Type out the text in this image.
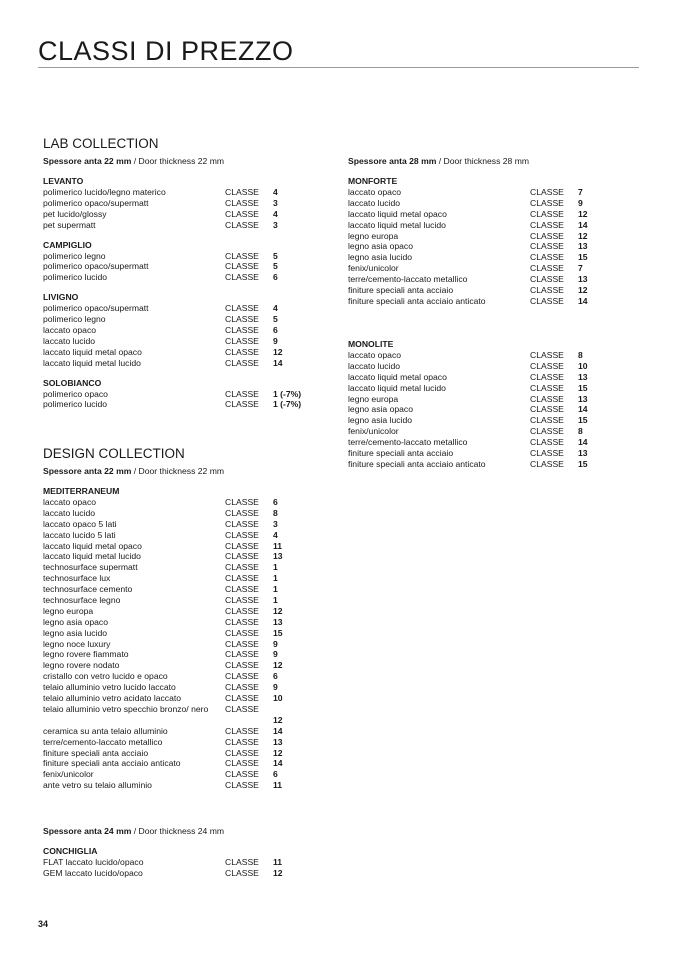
CLASSI DI PREZZO
LAB COLLECTION
Spessore anta 22 mm / Door thickness 22 mm
LEVANTO
polimerico lucido/legno materico	CLASSE 4
polimerico opaco/supermatt	CLASSE 3
pet lucido/glossy	CLASSE 4
pet supermatt	CLASSE 3
CAMPIGLIO
polimerico legno	CLASSE 5
polimerico opaco/supermatt	CLASSE 5
polimerico lucido	CLASSE 6
LIVIGNO
polimerico opaco/supermatt	CLASSE 4
polimerico legno	CLASSE 5
laccato opaco	CLASSE 6
laccato lucido	CLASSE 9
laccato liquid metal opaco	CLASSE 12
laccato liquid metal lucido	CLASSE 14
SOLOBIANCO
polimerico opaco	CLASSE 1 (-7%)
polimerico lucido	CLASSE 1 (-7%)
Spessore anta 28 mm / Door thickness 28 mm
MONFORTE
laccato opaco	CLASSE 7
laccato lucido	CLASSE 9
laccato liquid metal opaco	CLASSE 12
laccato liquid metal lucido	CLASSE 14
legno europa	CLASSE 12
legno asia opaco	CLASSE 13
legno asia lucido	CLASSE 15
fenix/unicolor	CLASSE 7
terre/cemento-laccato metallico	CLASSE 13
finiture speciali anta acciaio	CLASSE 12
finiture speciali anta acciaio anticato	CLASSE 14
MONOLITE
laccato opaco	CLASSE 8
laccato lucido	CLASSE 10
laccato liquid metal opaco	CLASSE 13
laccato liquid metal lucido	CLASSE 15
legno europa	CLASSE 13
legno asia opaco	CLASSE 14
legno asia lucido	CLASSE 15
fenix/unicolor	CLASSE 8
terre/cemento-laccato metallico	CLASSE 14
finiture speciali anta acciaio	CLASSE 13
finiture speciali anta acciaio anticato	CLASSE 15
DESIGN COLLECTION
Spessore anta 22 mm / Door thickness 22 mm
MEDITERRANEUM
laccato opaco	CLASSE 6
laccato lucido	CLASSE 8
laccato opaco 5 lati	CLASSE 3
laccato lucido 5 lati	CLASSE 4
laccato liquid metal opaco	CLASSE 11
laccato liquid metal lucido	CLASSE 13
technosurface supermatt	CLASSE 1
technosurface lux	CLASSE 1
technosurface cemento	CLASSE 1
technosurface legno	CLASSE 1
legno europa	CLASSE 12
legno asia opaco	CLASSE 13
legno asia lucido	CLASSE 15
legno noce luxury	CLASSE 9
legno rovere fiammato	CLASSE 9
legno rovere nodato	CLASSE 12
cristallo con vetro lucido e opaco	CLASSE 6
telaio alluminio vetro lucido laccato	CLASSE 9
telaio alluminio vetro acidato laccato	CLASSE 10
telaio alluminio vetro specchio bronzo/ nero	CLASSE
12
ceramica su anta telaio alluminio	CLASSE 14
terre/cemento-laccato metallico	CLASSE 13
finiture speciali anta acciaio	CLASSE 12
finiture speciali anta acciaio anticato	CLASSE 14
fenix/unicolor	CLASSE 6
ante vetro su telaio alluminio	CLASSE 11
Spessore anta 24 mm / Door thickness 24 mm
CONCHIGLIA
FLAT laccato lucido/opaco	CLASSE 11
GEM laccato lucido/opaco	CLASSE 12
34
